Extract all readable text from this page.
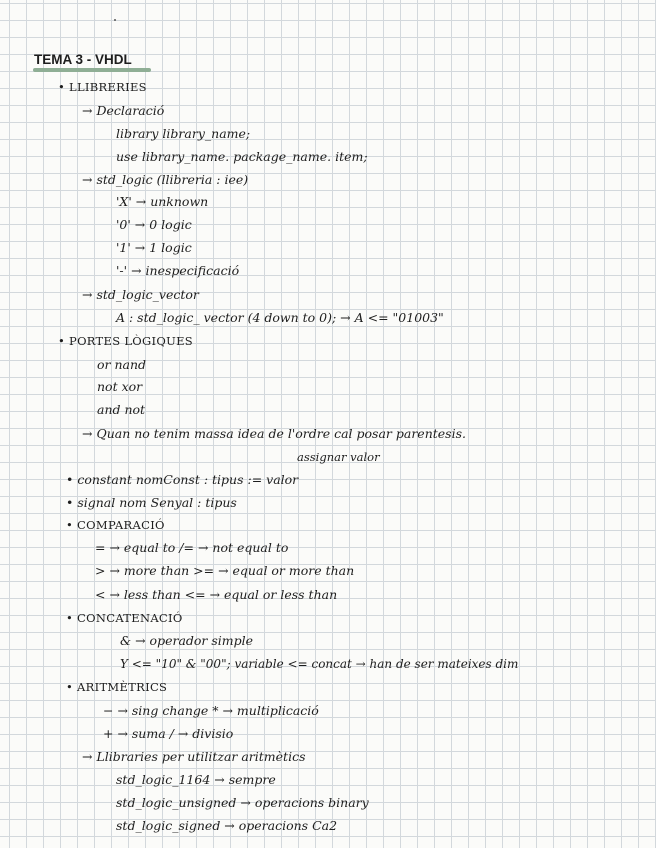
TEMA 3 - VHDL
• LLIBRERIES
→ Declaració
library library_name;
use library_name. package_name. item;
→ std_logic (llibreria : iee)
'X' → unknown
'0' → 0 logic
'1' → 1 logic
'-' → inespecificació
→ std_logic_vector
A : std_logic_ vector (4 down to 0); → A <= "01003"
• PORTES LÒGIQUES
or nand
not xor
and not
→ Quan no tenim massa idea de l'ordre cal posar parentesis.
assignar valor
• constant nomConst : tipus := valor
• signal nom Senyal : tipus
• COMPARACIÓ
= → equal to /= → not equal to
> → more than >= → equal or more than
< → less than <= → equal or less than
• CONCATENACIÓ
& → operador simple
Y <= "10" & "00"; variable <= concat → han de ser mateixes dim
• ARITMÈTRICS
− → sing change * → multiplicació
+ → suma / → divisio
→ Llibraries per utilitzar aritmètics
std_logic_1164 → sempre
std_logic_unsigned → operacions binary
std_logic_signed → operacions Ca2
